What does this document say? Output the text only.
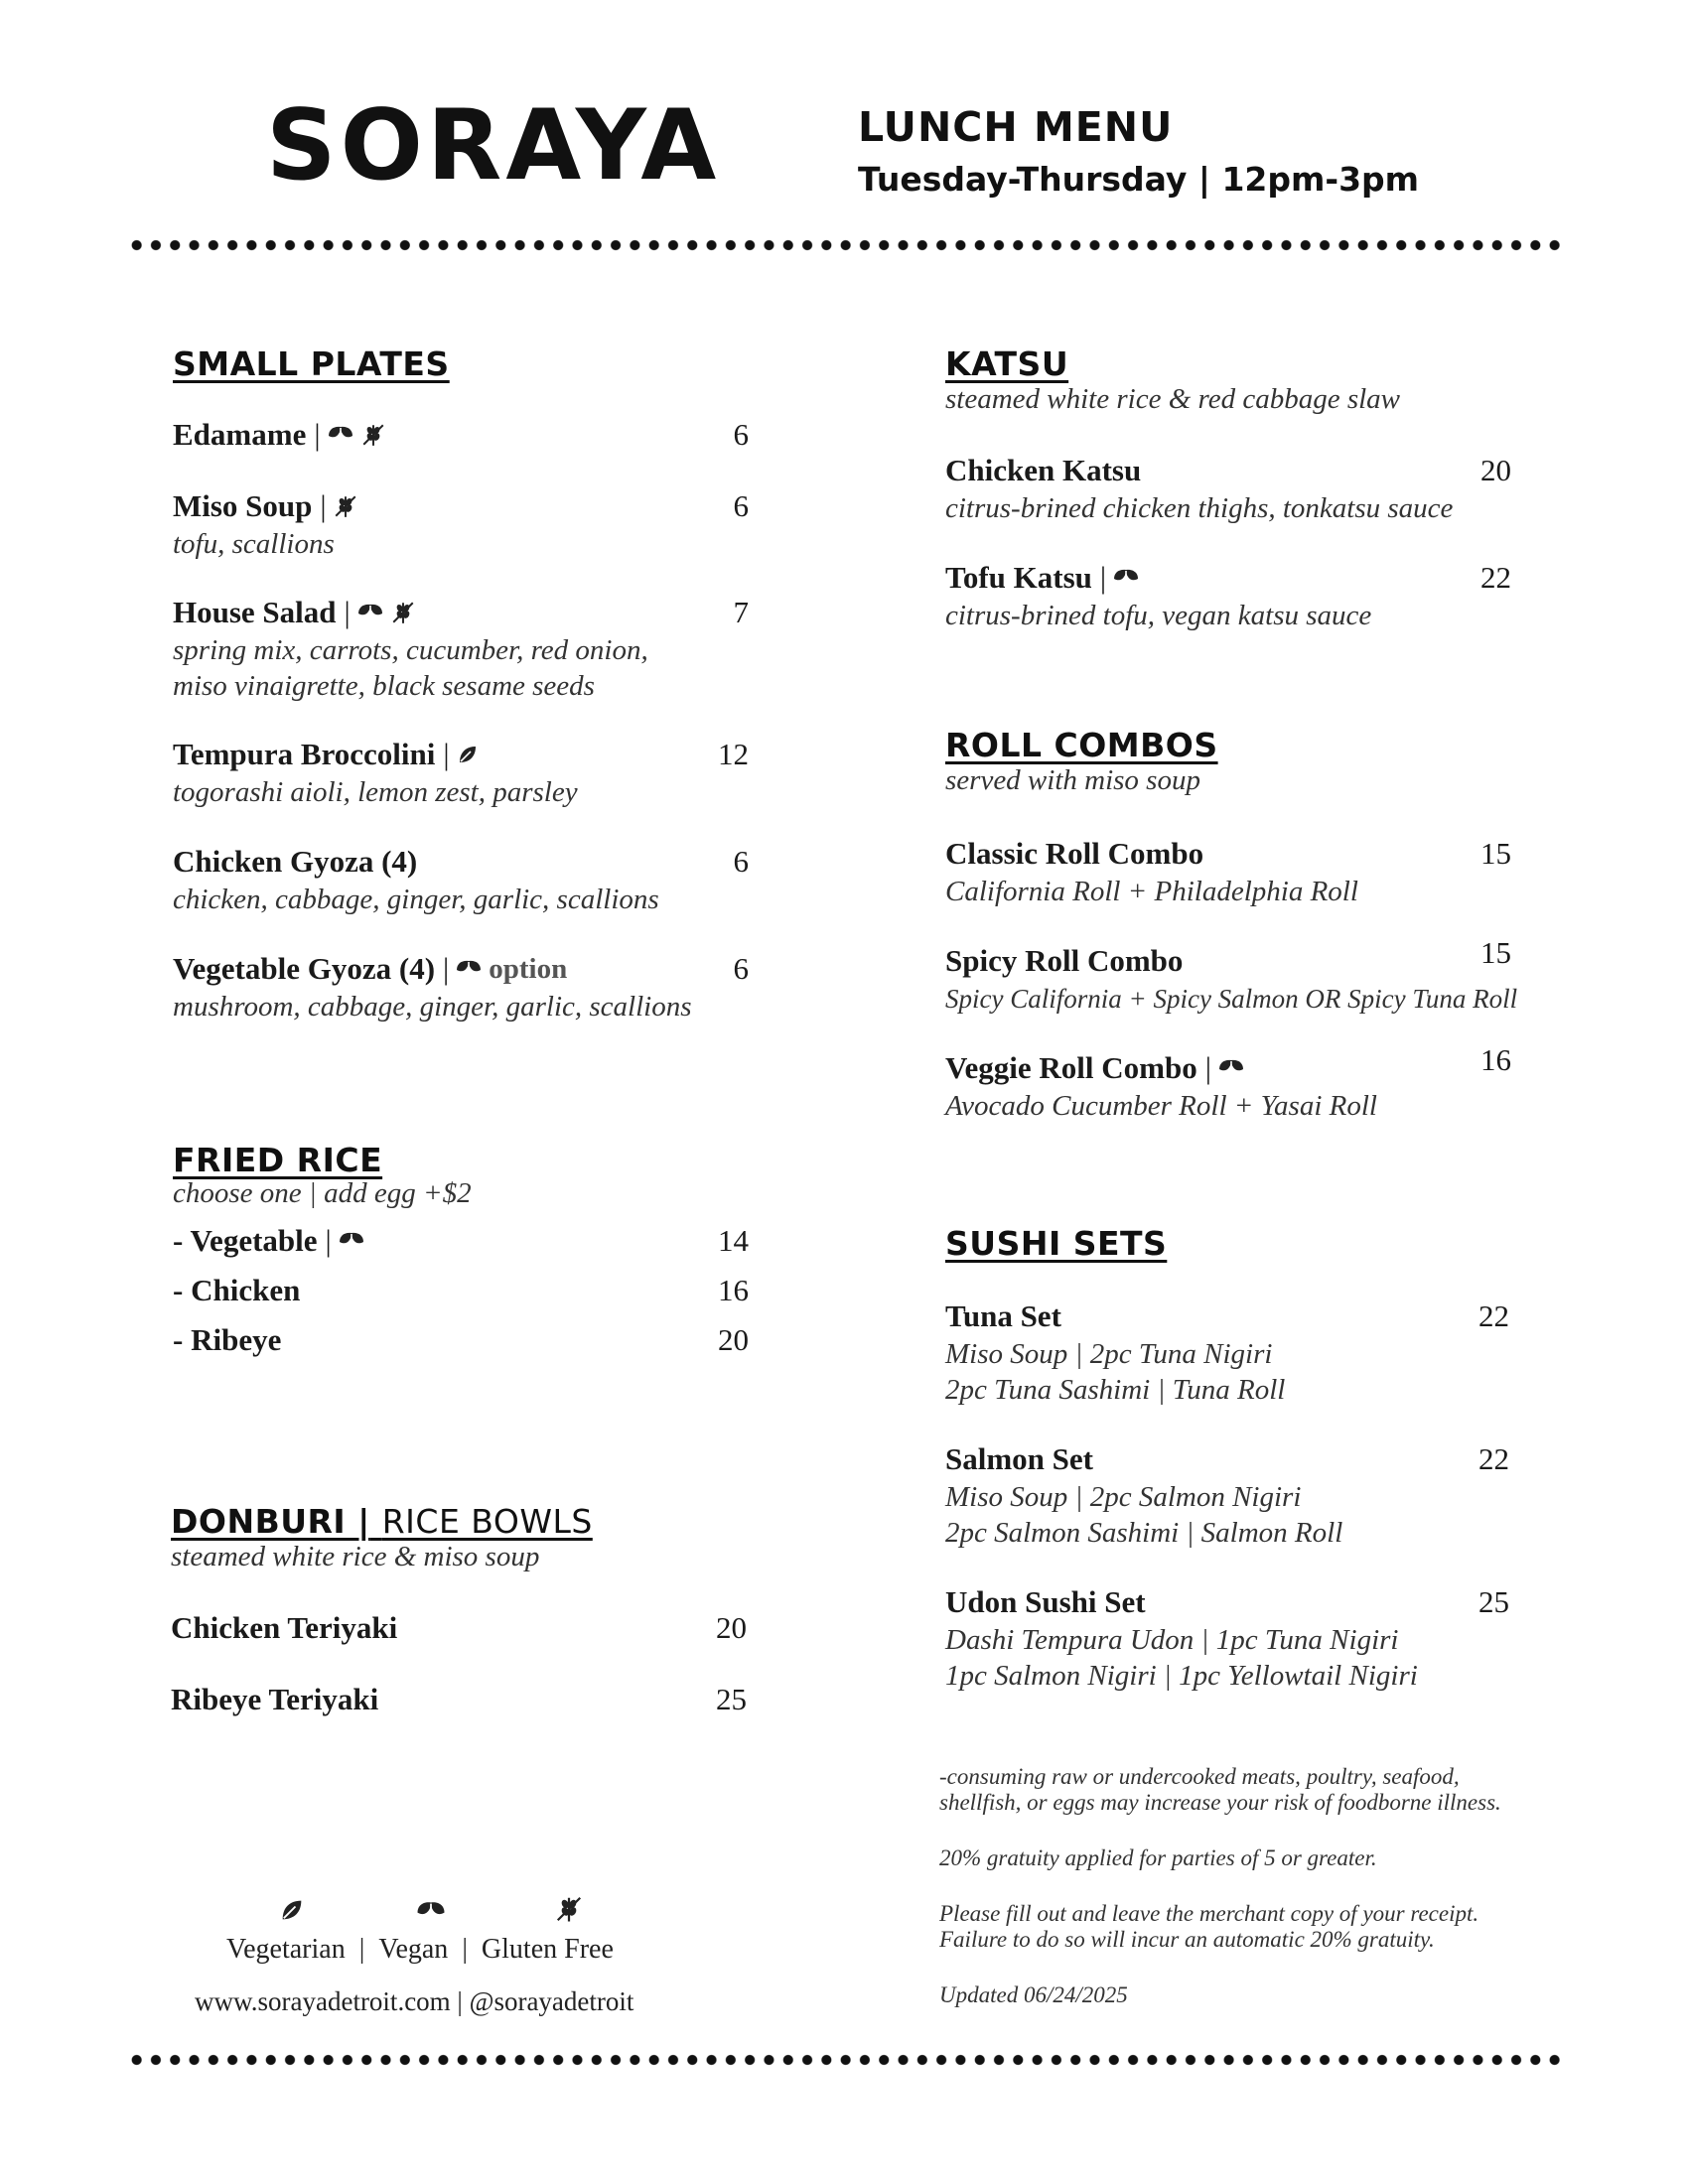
SORAYA	LUNCH MENU
Tuesday-Thursday | 12pm-3pm
SMALL PLATES
Edamame |	6
Miso Soup |	6
tofu, scallions
House Salad |	7
spring mix, carrots, cucumber, red onion,
miso vinaigrette, black sesame seeds
Tempura Broccolini |	12
togorashi aioli, lemon zest, parsley
Chicken Gyoza (4)	6
chicken, cabbage, ginger, garlic, scallions
Vegetable Gyoza (4) | option	6
mushroom, cabbage, ginger, garlic, scallions
FRIED RICE
choose one | add egg +$2
- Vegetable |	14
- Chicken	16
- Ribeye	20
DONBURI | RICE BOWLS
steamed white rice & miso soup
Chicken Teriyaki	20
Ribeye Teriyaki	25
KATSU
steamed white rice & red cabbage slaw
Chicken Katsu	20
citrus-brined chicken thighs, tonkatsu sauce
Tofu Katsu |	22
citrus-brined tofu, vegan katsu sauce
ROLL COMBOS
served with miso soup
Classic Roll Combo	15
California Roll + Philadelphia Roll
Spicy Roll Combo	15
Spicy California + Spicy Salmon OR Spicy Tuna Roll
Veggie Roll Combo |	16
Avocado Cucumber Roll + Yasai Roll
SUSHI SETS
Tuna Set	22
Miso Soup | 2pc Tuna Nigiri
2pc Tuna Sashimi | Tuna Roll
Salmon Set	22
Miso Soup | 2pc Salmon Nigiri
2pc Salmon Sashimi | Salmon Roll
Udon Sushi Set	25
Dashi Tempura Udon | 1pc Tuna Nigiri
1pc Salmon Nigiri | 1pc Yellowtail Nigiri
Vegetarian | Vegan | Gluten Free
www.sorayadetroit.com | @sorayadetroit
-consuming raw or undercooked meats, poultry, seafood,
shellfish, or eggs may increase your risk of foodborne illness.
20% gratuity applied for parties of 5 or greater.
Please fill out and leave the merchant copy of your receipt.
Failure to do so will incur an automatic 20% gratuity.
Updated 06/24/2025
